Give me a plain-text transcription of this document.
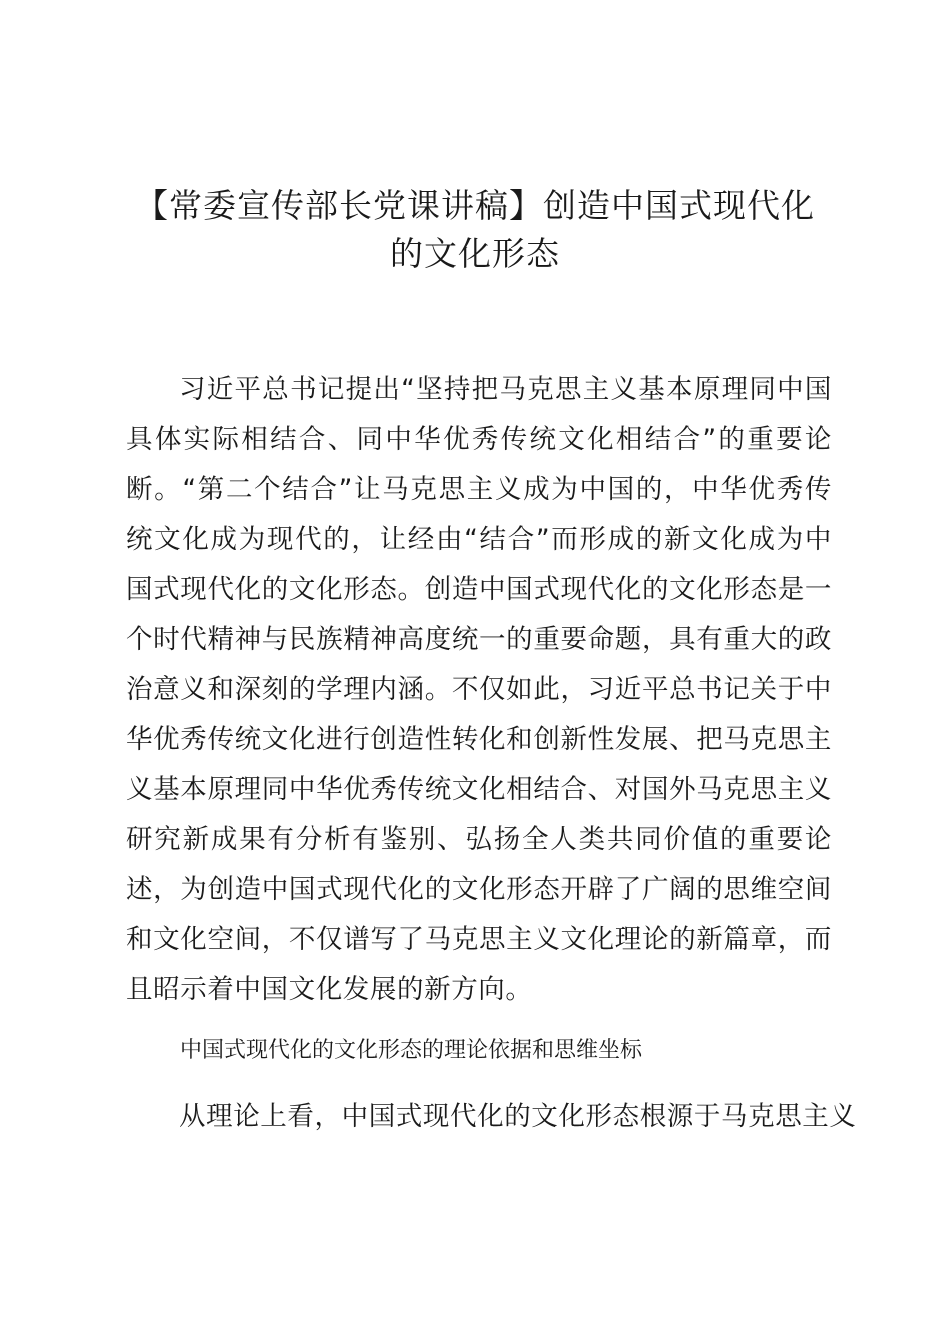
【常委宣传部长党课讲稿】创造中国式现代化
的文化形态

习近平总书记提出“坚持把马克思主义基本原理同中国具体实际相结合、同中华优秀传统文化相结合”的重要论断。“第二个结合”让马克思主义成为中国的，中华优秀传统文化成为现代的，让经由“结合”而形成的新文化成为中国式现代化的文化形态。创造中国式现代化的文化形态是一个时代精神与民族精神高度统一的重要命题，具有重大的政治意义和深刻的学理内涵。不仅如此，习近平总书记关于中华优秀传统文化进行创造性转化和创新性发展、把马克思主义基本原理同中华优秀传统文化相结合、对国外马克思主义研究新成果有分析有鉴别、弘扬全人类共同价值的重要论述，为创造中国式现代化的文化形态开辟了广阔的思维空间和文化空间，不仅谱写了马克思主义文化理论的新篇章，而且昭示着中国文化发展的新方向。

中国式现代化的文化形态的理论依据和思维坐标

从理论上看，中国式现代化的文化形态根源于马克思主义
